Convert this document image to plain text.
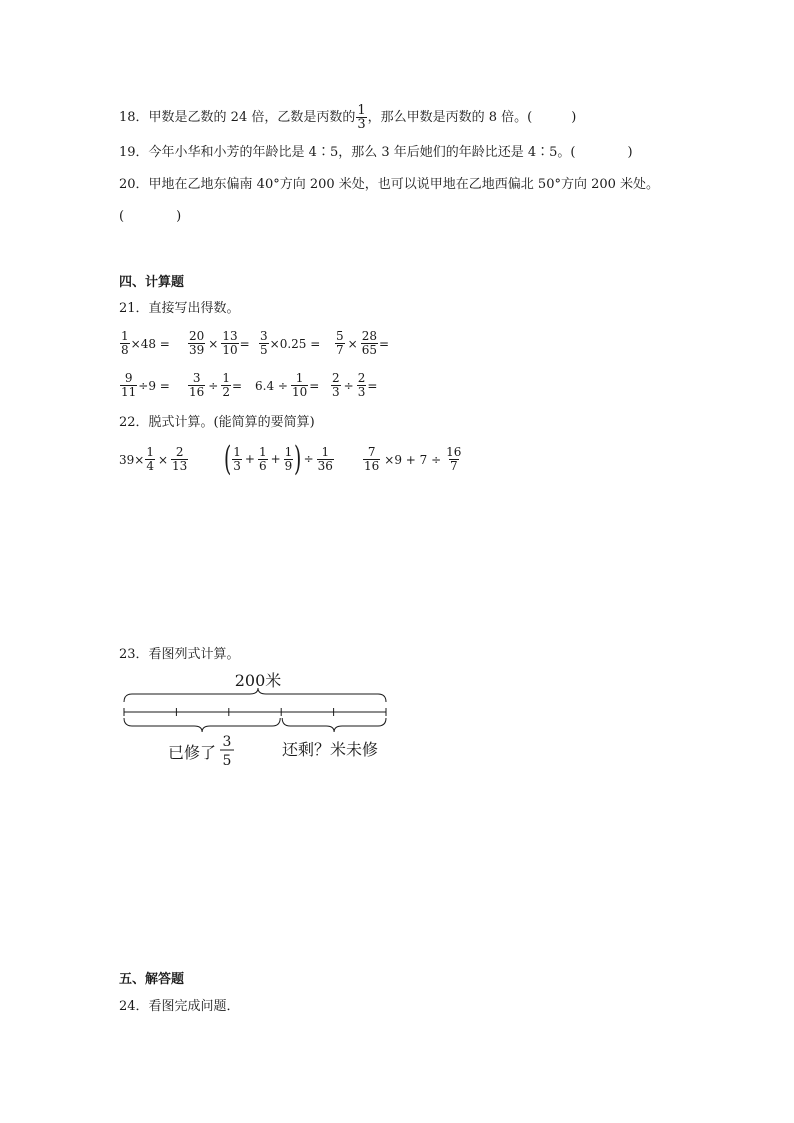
18．甲数是乙数的 24 倍，乙数是丙数的 $\frac{1}{3}$ ，那么甲数是丙数的 8 倍。(　　　)
19．今年小华和小芳的年龄比是 4∶5，那么 3 年后她们的年龄比还是 4∶5。(　　　　)
20．甲地在乙地东偏南 40°方向 200 米处，也可以说甲地在乙地西偏北 50°方向 200 米处。
(　　　　)
四、计算题
21．直接写出得数。
$\frac{1}{8} \times 48 = \frac{20}{39} \times \frac{13}{10} = \frac{3}{5} \times 0.25 = \frac{5}{7} \times \frac{28}{65}$ =
$\frac{9}{11} \div 9 = \frac{3}{16} \div \frac{1}{2} = 6.4 \div \frac{1}{10} = \frac{2}{3} \div \frac{2}{3}$ =
22．脱式计算。(能简算的要简算)
$39\times \frac{1}{4} \times \frac{2}{13}$ ( $\frac{1}{3} + \frac{1}{6} + \frac{1}{9}$ ) ÷ $\frac{1}{36} \frac{7}{16} \times 9 + 7 \div \frac{16}{7}$
23．看图列式计算。
200米
已修了
3
5
还剩？米未修
五、解答题
24．看图完成问题．
